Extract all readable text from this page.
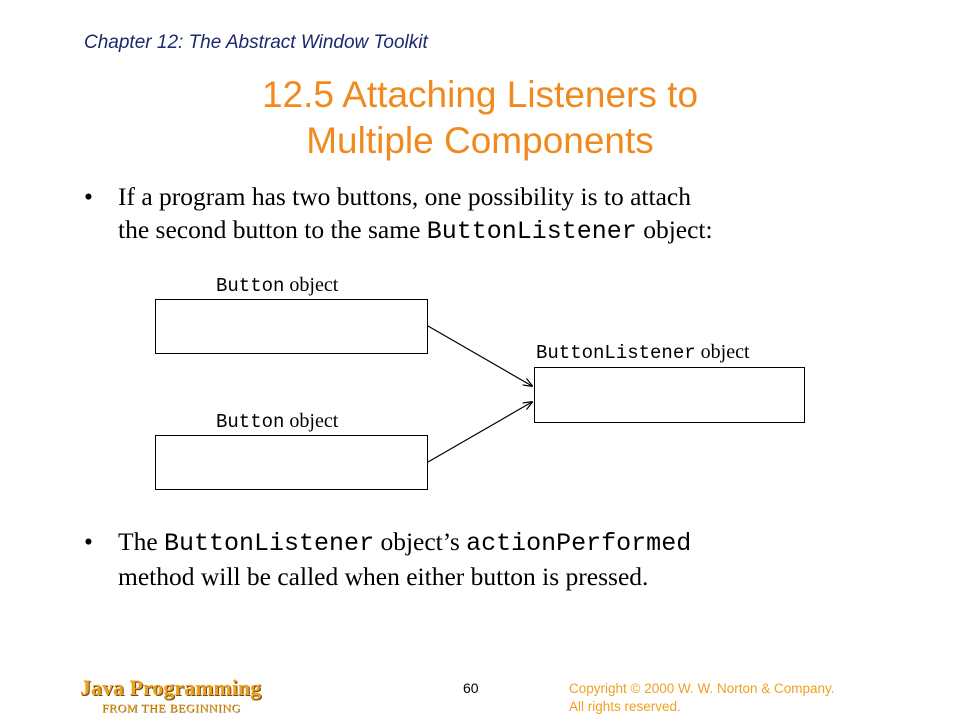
Chapter 12: The Abstract Window Toolkit
12.5 Attaching Listeners to
Multiple Components
• If a program has two buttons, one possibility is to attach
the second button to the same ButtonListener object:
Button object
Button object
ButtonListener object
• The ButtonListener object’s actionPerformed
method will be called when either button is pressed.
Java Programming
FROM THE BEGINNING
60	Copyright © 2000 W. W. Norton & Company.
All rights reserved.
